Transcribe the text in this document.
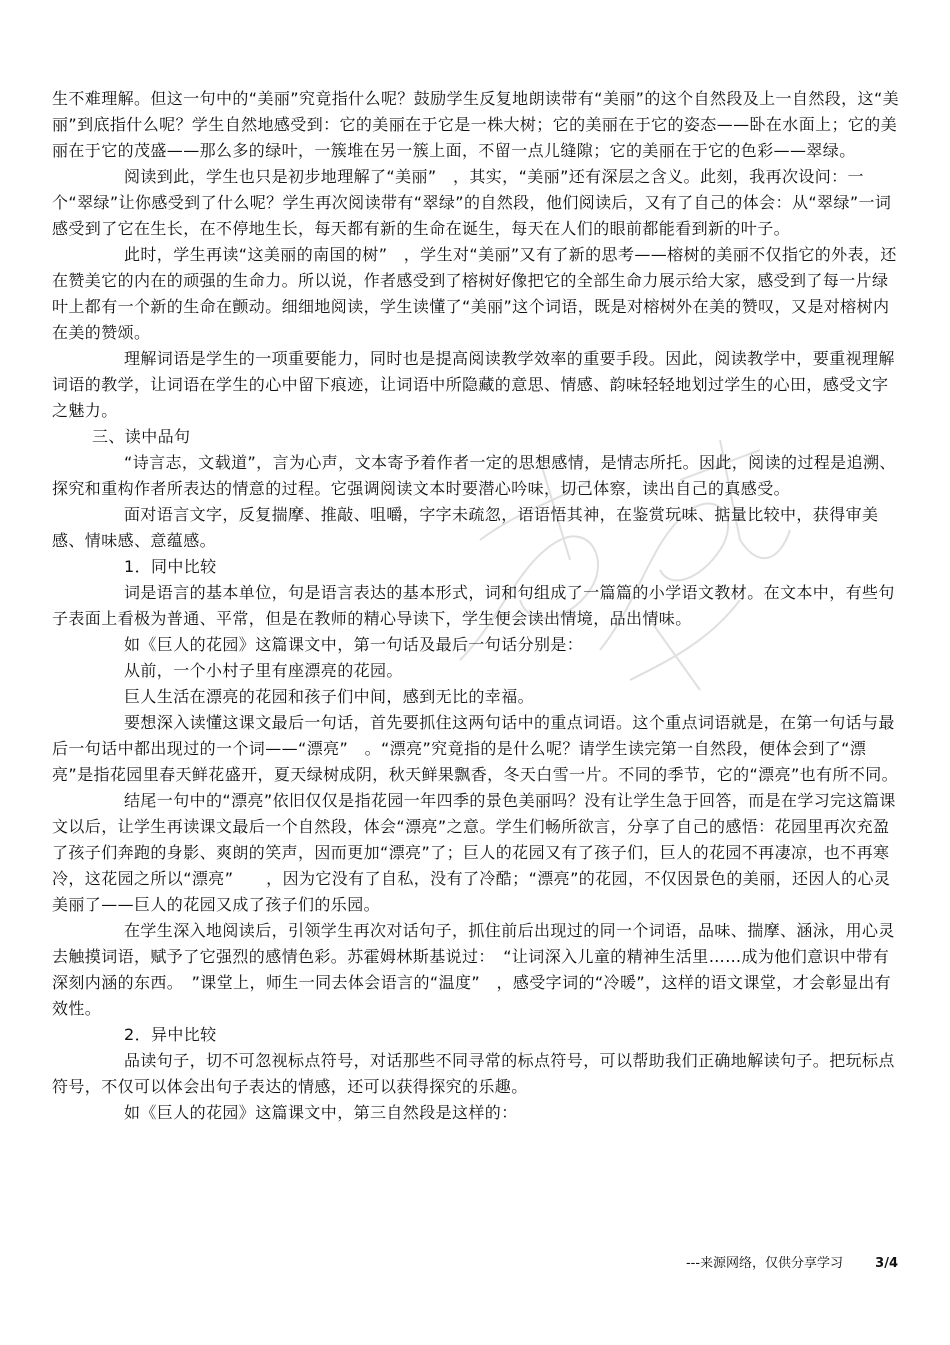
生不难理解。但这一句中的“美丽”究竟指什么呢？鼓励学生反复地朗读带有“美丽”的这个自然段及上一自然段，这“美丽”到底指什么呢？学生自然地感受到：它的美丽在于它是一株大树；它的美丽在于它的姿态——卧在水面上；它的美丽在于它的茂盛——那么多的绿叶，一簇堆在另一簇上面，不留一点儿缝隙；它的美丽在于它的色彩——翠绿。

阅读到此，学生也只是初步地理解了“美丽”　，其实，“美丽”还有深层之含义。此刻，我再次设问：一个“翠绿”让你感受到了什么呢？学生再次阅读带有“翠绿”的自然段，他们阅读后，又有了自己的体会：从“翠绿”一词感受到了它在生长，在不停地生长，每天都有新的生命在诞生，每天在人们的眼前都能看到新的叶子。

此时，学生再读“这美丽的南国的树”　，学生对“美丽”又有了新的思考——榕树的美丽不仅指它的外表，还在赞美它的内在的顽强的生命力。所以说，作者感受到了榕树好像把它的全部生命力展示给大家，感受到了每一片绿叶上都有一个新的生命在颤动。细细地阅读，学生读懂了“美丽”这个词语，既是对榕树外在美的赞叹，又是对榕树内在美的赞颂。

理解词语是学生的一项重要能力，同时也是提高阅读教学效率的重要手段。因此，阅读教学中，要重视理解词语的教学，让词语在学生的心中留下痕迹，让词语中所隐藏的意思、情感、韵味轻轻地划过学生的心田，感受文字之魅力。

三、读中品句

“诗言志，文载道”，言为心声，文本寄予着作者一定的思想感情，是情志所托。因此，阅读的过程是追溯、探究和重构作者所表达的情意的过程。它强调阅读文本时要潜心吟味，切己体察，读出自己的真感受。

面对语言文字，反复揣摩、推敲、咀嚼，字字未疏忽，语语悟其神，在鉴赏玩味、掂量比较中，获得审美感、情味感、意蕴感。

1．同中比较

词是语言的基本单位，句是语言表达的基本形式，词和句组成了一篇篇的小学语文教材。在文本中，有些句子表面上看极为普通、平常，但是在教师的精心导读下，学生便会读出情境，品出情味。

如《巨人的花园》这篇课文中，第一句话及最后一句话分别是：

从前，一个小村子里有座漂亮的花园。

巨人生活在漂亮的花园和孩子们中间，感到无比的幸福。

要想深入读懂这课文最后一句话，首先要抓住这两句话中的重点词语。这个重点词语就是，在第一句话与最后一句话中都出现过的一个词——“漂亮”　。“漂亮”究竟指的是什么呢？请学生读完第一自然段，便体会到了“漂亮”是指花园里春天鲜花盛开，夏天绿树成阴，秋天鲜果飘香，冬天白雪一片。不同的季节，它的“漂亮”也有所不同。

结尾一句中的“漂亮”依旧仅仅是指花园一年四季的景色美丽吗？没有让学生急于回答，而是在学习完这篇课文以后，让学生再读课文最后一个自然段，体会“漂亮”之意。学生们畅所欲言，分享了自己的感悟：花园里再次充盈了孩子们奔跑的身影、爽朗的笑声，因而更加“漂亮”了；巨人的花园又有了孩子们，巨人的花园不再凄凉，也不再寒冷，这花园之所以“漂亮”　　，因为它没有了自私，没有了冷酷；“漂亮”的花园，不仅因景色的美丽，还因人的心灵美丽了——巨人的花园又成了孩子们的乐园。

在学生深入地阅读后，引领学生再次对话句子，抓住前后出现过的同一个词语，品味、揣摩、涵泳，用心灵去触摸词语，赋予了它强烈的感情色彩。苏霍姆林斯基说过：　“让词深入儿童的精神生活里……成为他们意识中带有深刻内涵的东西。　”课堂上，师生一同去体会语言的“温度”　，感受字词的“冷暖”，这样的语文课堂，才会彰显出有效性。

2．异中比较

品读句子，切不可忽视标点符号，对话那些不同寻常的标点符号，可以帮助我们正确地解读句子。把玩标点符号，不仅可以体会出句子表达的情感，还可以获得探究的乐趣。

如《巨人的花园》这篇课文中，第三自然段是这样的：

---来源网络，仅供分享学习 3/4
